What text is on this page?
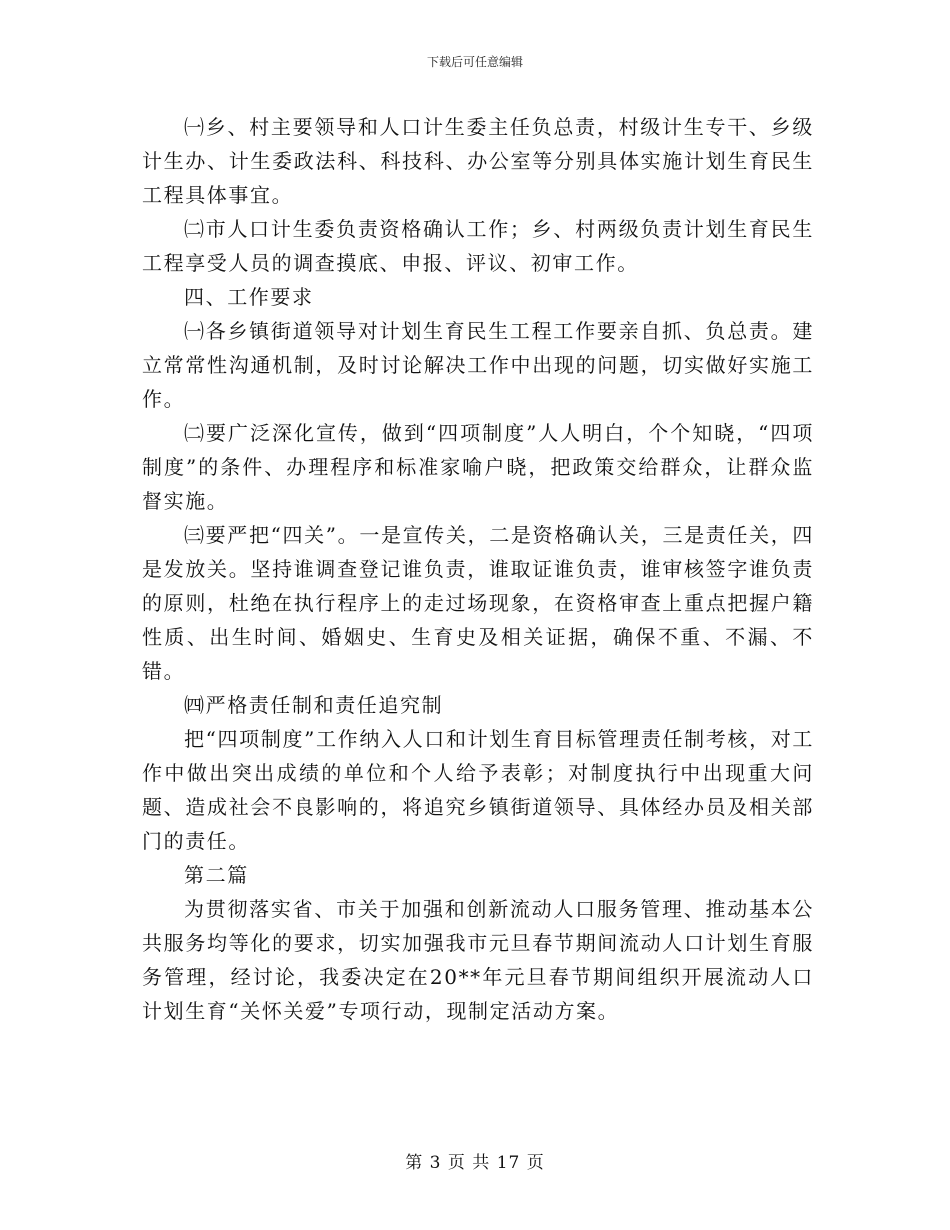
下载后可任意编辑

㈠乡、村主要领导和人口计生委主任负总责，村级计生专干、乡级计生办、计生委政法科、科技科、办公室等分别具体实施计划生育民生工程具体事宜。

㈡市人口计生委负责资格确认工作；乡、村两级负责计划生育民生工程享受人员的调查摸底、申报、评议、初审工作。

四、工作要求

㈠各乡镇街道领导对计划生育民生工程工作要亲自抓、负总责。建立常常性沟通机制，及时讨论解决工作中出现的问题，切实做好实施工作。

㈡要广泛深化宣传，做到“四项制度”人人明白，个个知晓，“四项制度”的条件、办理程序和标准家喻户晓，把政策交给群众，让群众监督实施。

㈢要严把“四关”。一是宣传关，二是资格确认关，三是责任关，四是发放关。坚持谁调查登记谁负责，谁取证谁负责，谁审核签字谁负责的原则，杜绝在执行程序上的走过场现象，在资格审查上重点把握户籍性质、出生时间、婚姻史、生育史及相关证据，确保不重、不漏、不错。

㈣严格责任制和责任追究制

把“四项制度”工作纳入人口和计划生育目标管理责任制考核，对工作中做出突出成绩的单位和个人给予表彰；对制度执行中出现重大问题、造成社会不良影响的，将追究乡镇街道领导、具体经办员及相关部门的责任。

第二篇

为贯彻落实省、市关于加强和创新流动人口服务管理、推动基本公共服务均等化的要求，切实加强我市元旦春节期间流动人口计划生育服务管理，经讨论，我委决定在20**年元旦春节期间组织开展流动人口计划生育“关怀关爱”专项行动，现制定活动方案。

第 3 页 共 17 页
